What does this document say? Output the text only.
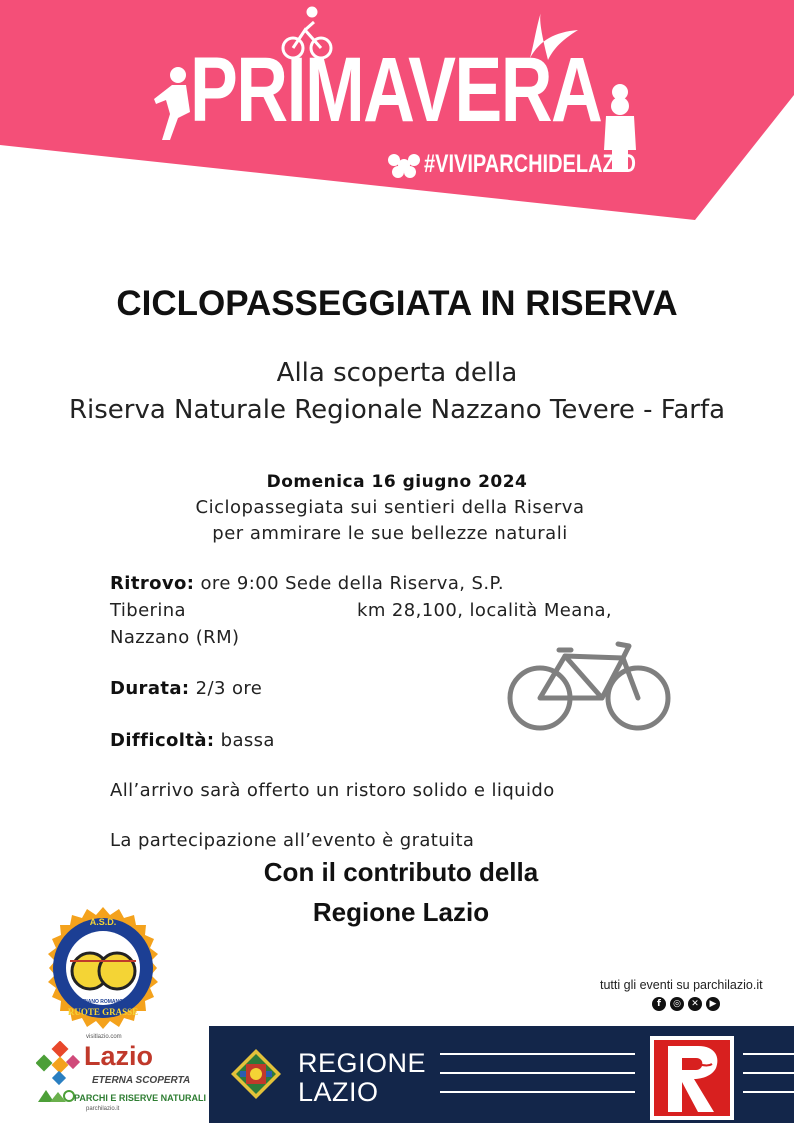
PRIMAVERA
#VIVIPARCHIDELAZIO
CICLOPASSEGGIATA IN RISERVA
Alla scoperta della
Riserva Naturale Regionale Nazzano Tevere - Farfa
Domenica 16 giugno 2024
Ciclopassegiata sui sentieri della Riserva
per ammirare le sue bellezze naturali
Ritrovo: ore 9:00 Sede della Riserva, S.P.
Tiberina	km 28,100, località Meana,
Nazzano (RM)
Durata: 2/3 ore
Difficoltà: bassa
All’arrivo sarà offerto un ristoro solido e liquido
La partecipazione all’evento è gratuita
Con il contributo della
Regione Lazio
A.S.D.
PIANO ROMANO
RUOTE GRASSE
tutti gli eventi su parchilazio.it
f	◎	✕	▶
visitlazio.com
Lazio
ETERNA SCOPERTA
PARCHI E RISERVE NATURALI
parchilazio.it
REGIONE
LAZIO
